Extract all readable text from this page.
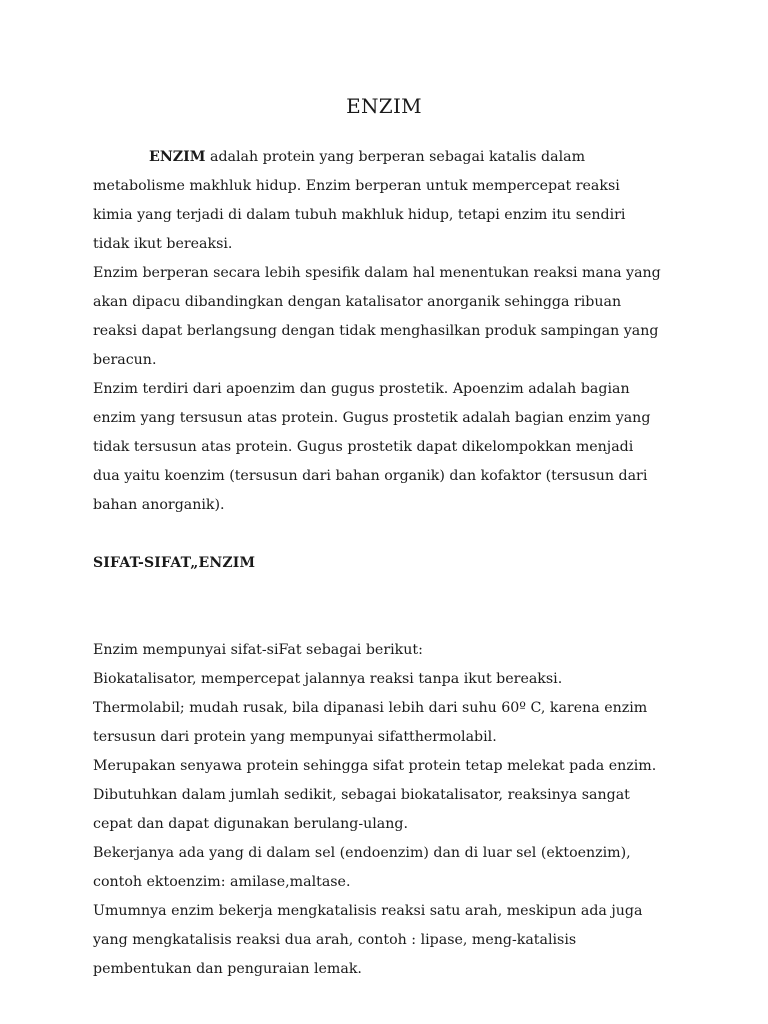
ENZIM

ENZIM adalah protein yang berperan sebagai katalis dalam

metabolisme makhluk hidup. Enzim berperan untuk mempercepat reaksi

kimia yang terjadi di dalam tubuh makhluk hidup, tetapi enzim itu sendiri

tidak ikut bereaksi.

Enzim berperan secara lebih spesifik dalam hal menentukan reaksi mana yang

akan dipacu dibandingkan dengan katalisator anorganik sehingga ribuan

reaksi dapat berlangsung dengan tidak menghasilkan produk sampingan yang

beracun.

Enzim terdiri dari apoenzim dan gugus prostetik. Apoenzim adalah bagian

enzim yang tersusun atas protein. Gugus prostetik adalah bagian enzim yang

tidak tersusun atas protein. Gugus prostetik dapat dikelompokkan menjadi

dua yaitu koenzim (tersusun dari bahan organik) dan kofaktor (tersusun dari

bahan anorganik).

SIFAT-SIFAT„ENZIM

Enzim mempunyai sifat-siFat sebagai berikut:

Biokatalisator, mempercepat jalannya reaksi tanpa ikut bereaksi.

Thermolabil; mudah rusak, bila dipanasi lebih dari suhu 60º C, karena enzim

tersusun dari protein yang mempunyai sifatthermolabil.

Merupakan senyawa protein sehingga sifat protein tetap melekat pada enzim.

Dibutuhkan dalam jumlah sedikit, sebagai biokatalisator, reaksinya sangat

cepat dan dapat digunakan berulang-ulang.

Bekerjanya ada yang di dalam sel (endoenzim) dan di luar sel (ektoenzim),

contoh ektoenzim: amilase,maltase.

Umumnya enzim bekerja mengkatalisis reaksi satu arah, meskipun ada juga

yang mengkatalisis reaksi dua arah, contoh : lipase, meng-katalisis

pembentukan dan penguraian lemak.
